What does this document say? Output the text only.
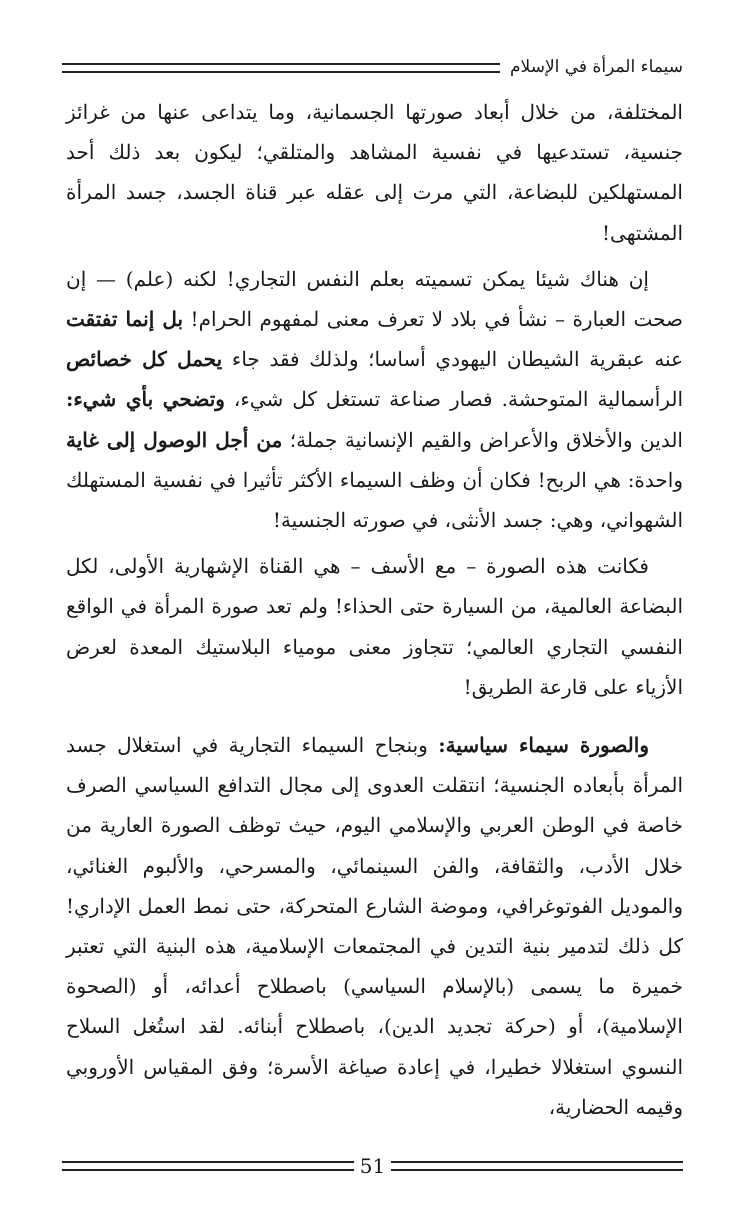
سيماء المرأة في الإسلام

المختلفة، من خلال أبعاد صورتها الجسمانية، وما يتداعى عنها من غرائز جنسية، تستدعيها في نفسية المشاهد والمتلقي؛ ليكون بعد ذلك أحد المستهلكين للبضاعة، التي مرت إلى عقله عبر قناة الجسد، جسد المرأة المشتهى!

إن هناك شيئا يمكن تسميته بعلم النفس التجاري! لكنه (علم) — إن صحت العبارة – نشأ في بلاد لا تعرف معنى لمفهوم الحرام! بل إنما تفتقت عنه عبقرية الشيطان اليهودي أساسا؛ ولذلك فقد جاء يحمل كل خصائص الرأسمالية المتوحشة. فصار صناعة تستغل كل شيء، وتضحي بأي شيء: الدين والأخلاق والأعراض والقيم الإنسانية جملة؛ من أجل الوصول إلى غاية واحدة: هي الربح! فكان أن وظف السيماء الأكثر تأثيرا في نفسية المستهلك الشهواني، وهي: جسد الأنثى، في صورته الجنسية!

فكانت هذه الصورة – مع الأسف – هي القناة الإشهارية الأولى، لكل البضاعة العالمية، من السيارة حتى الحذاء! ولم تعد صورة المرأة في الواقع النفسي التجاري العالمي؛ تتجاوز معنى مومياء البلاستيك المعدة لعرض الأزياء على قارعة الطريق!

والصورة سيماء سياسية: وبنجاح السيماء التجارية في استغلال جسد المرأة بأبعاده الجنسية؛ انتقلت العدوى إلى مجال التدافع السياسي الصرف خاصة في الوطن العربي والإسلامي اليوم، حيث توظف الصورة العارية من خلال الأدب، والثقافة، والفن السينمائي، والمسرحي، والألبوم الغنائي، والموديل الفوتوغرافي، وموضة الشارع المتحركة، حتى نمط العمل الإداري! كل ذلك لتدمير بنية التدين في المجتمعات الإسلامية، هذه البنية التي تعتبر خميرة ما يسمى (بالإسلام السياسي) باصطلاح أعدائه، أو (الصحوة الإسلامية)، أو (حركة تجديد الدين)، باصطلاح أبنائه. لقد استُغل السلاح النسوي استغلالا خطيرا، في إعادة صياغة الأسرة؛ وفق المقياس الأوروبي وقيمه الحضارية،

51
